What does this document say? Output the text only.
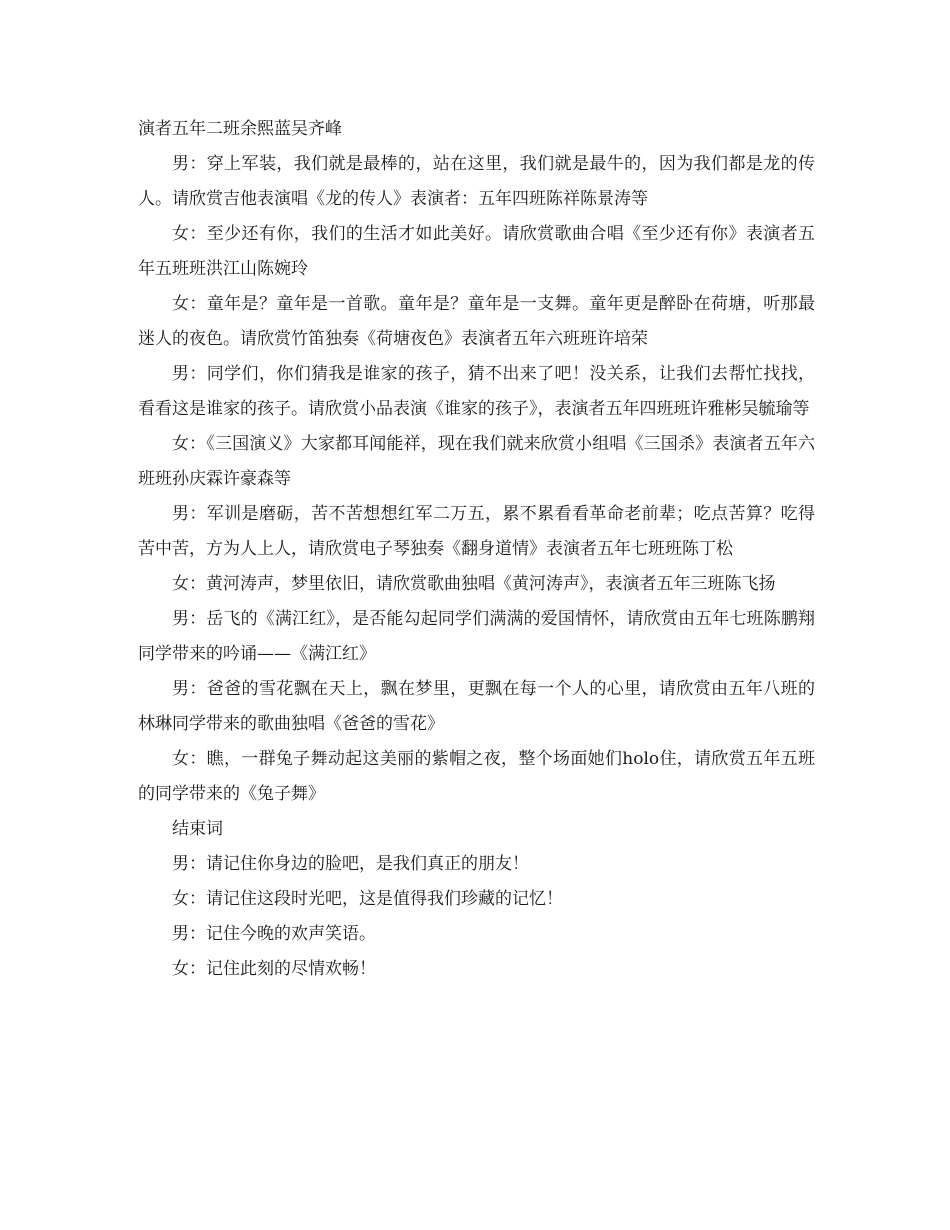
演者五年二班余熙蓝吴齐峰

男：穿上军装，我们就是最棒的，站在这里，我们就是最牛的，因为我们都是龙的传人。请欣赏吉他表演唱《龙的传人》表演者：五年四班陈祥陈景涛等

女：至少还有你，我们的生活才如此美好。请欣赏歌曲合唱《至少还有你》表演者五年五班班洪江山陈婉玲

女：童年是？童年是一首歌。童年是？童年是一支舞。童年更是醉卧在荷塘，听那最迷人的夜色。请欣赏竹笛独奏《荷塘夜色》表演者五年六班班许培荣

男：同学们，你们猜我是谁家的孩子，猜不出来了吧！没关系，让我们去帮忙找找，看看这是谁家的孩子。请欣赏小品表演《谁家的孩子》，表演者五年四班班许雅彬吴毓瑜等

女：《三国演义》大家都耳闻能祥，现在我们就来欣赏小组唱《三国杀》表演者五年六班班孙庆霖许豪森等

男：军训是磨砺，苦不苦想想红军二万五，累不累看看革命老前辈；吃点苦算？吃得苦中苦，方为人上人，请欣赏电子琴独奏《翻身道情》表演者五年七班班陈丁松

女：黄河涛声，梦里依旧，请欣赏歌曲独唱《黄河涛声》，表演者五年三班陈飞扬

男：岳飞的《满江红》，是否能勾起同学们满满的爱国情怀，请欣赏由五年七班陈鹏翔同学带来的吟诵——《满江红》

男：爸爸的雪花飘在天上，飘在梦里，更飘在每一个人的心里，请欣赏由五年八班的林琳同学带来的歌曲独唱《爸爸的雪花》

女：瞧，一群兔子舞动起这美丽的紫帽之夜，整个场面她们holo住，请欣赏五年五班的同学带来的《兔子舞》

结束词

男：请记住你身边的脸吧，是我们真正的朋友！

女：请记住这段时光吧，这是值得我们珍藏的记忆！

男：记住今晚的欢声笑语。

女：记住此刻的尽情欢畅！
